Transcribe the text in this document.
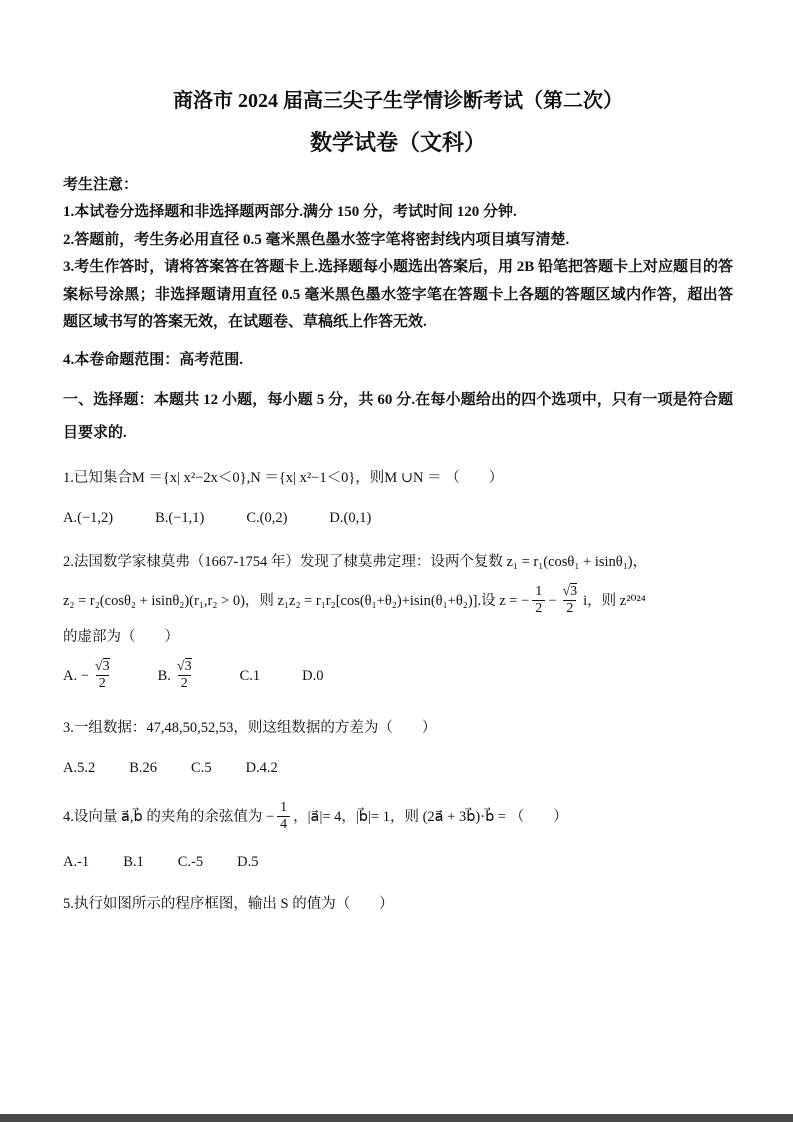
商洛市 2024 届高三尖子生学情诊断考试（第二次）
数学试卷（文科）

考生注意：

1.本试卷分选择题和非选择题两部分.满分 150 分，考试时间 120 分钟.

2.答题前，考生务必用直径 0.5 毫米黑色墨水签字笔将密封线内项目填写清楚.

3.考生作答时，请将答案答在答题卡上.选择题每小题选出答案后，用 2B 铅笔把答题卡上对应题目的答案标号涂黑；非选择题请用直径 0.5 毫米黑色墨水签字笔在答题卡上各题的答题区域内作答，超出答题区域书写的答案无效，在试题卷、草稿纸上作答无效.

4.本卷命题范围：高考范围.

一、选择题：本题共 12 小题，每小题 5 分，共 60 分.在每小题给出的四个选项中，只有一项是符合题目要求的.

1.已知集合M ＝{x| x²−2x＜0},N ＝{x| x²−1＜0}，则M ∪N ＝ （　　）

A.(−1,2)	B.(−1,1)	C.(0,2)	D.(0,1)

2.法国数学家棣莫弗（1667-1754 年）发现了棣莫弗定理：设两个复数 z₁ = r₁(cosθ₁ + isinθ₁)，

z₂ = r₂(cosθ₂ + isinθ₂)(r₁,r₂ > 0)，则 z₁z₂ = r₁r₂[cos(θ₁+θ₂)+isin(θ₁+θ₂)].设 z = − $\frac{1}{2} - \frac{√3}{2}$ i，则 z²⁰²⁴

的虚部为（　　）

A. − $\frac{√3}{2}$	B. $\frac{√3}{2}$	C.1	D.0

3.一组数据：47,48,50,52,53，则这组数据的方差为（　　）

A.5.2 B.26 C.5 D.4.2
4.设向量 a⃗,b⃗ 的夹角的余弦值为 − $\frac{1}{4}$ ，|a⃗|= 4，|b⃗|= 1，则 (2a⃗ + 3b⃗)·b⃗ = （　　）
A.-1 B.1 C.-5 D.5

5.执行如图所示的程序框图，输出 S 的值为（　　）
